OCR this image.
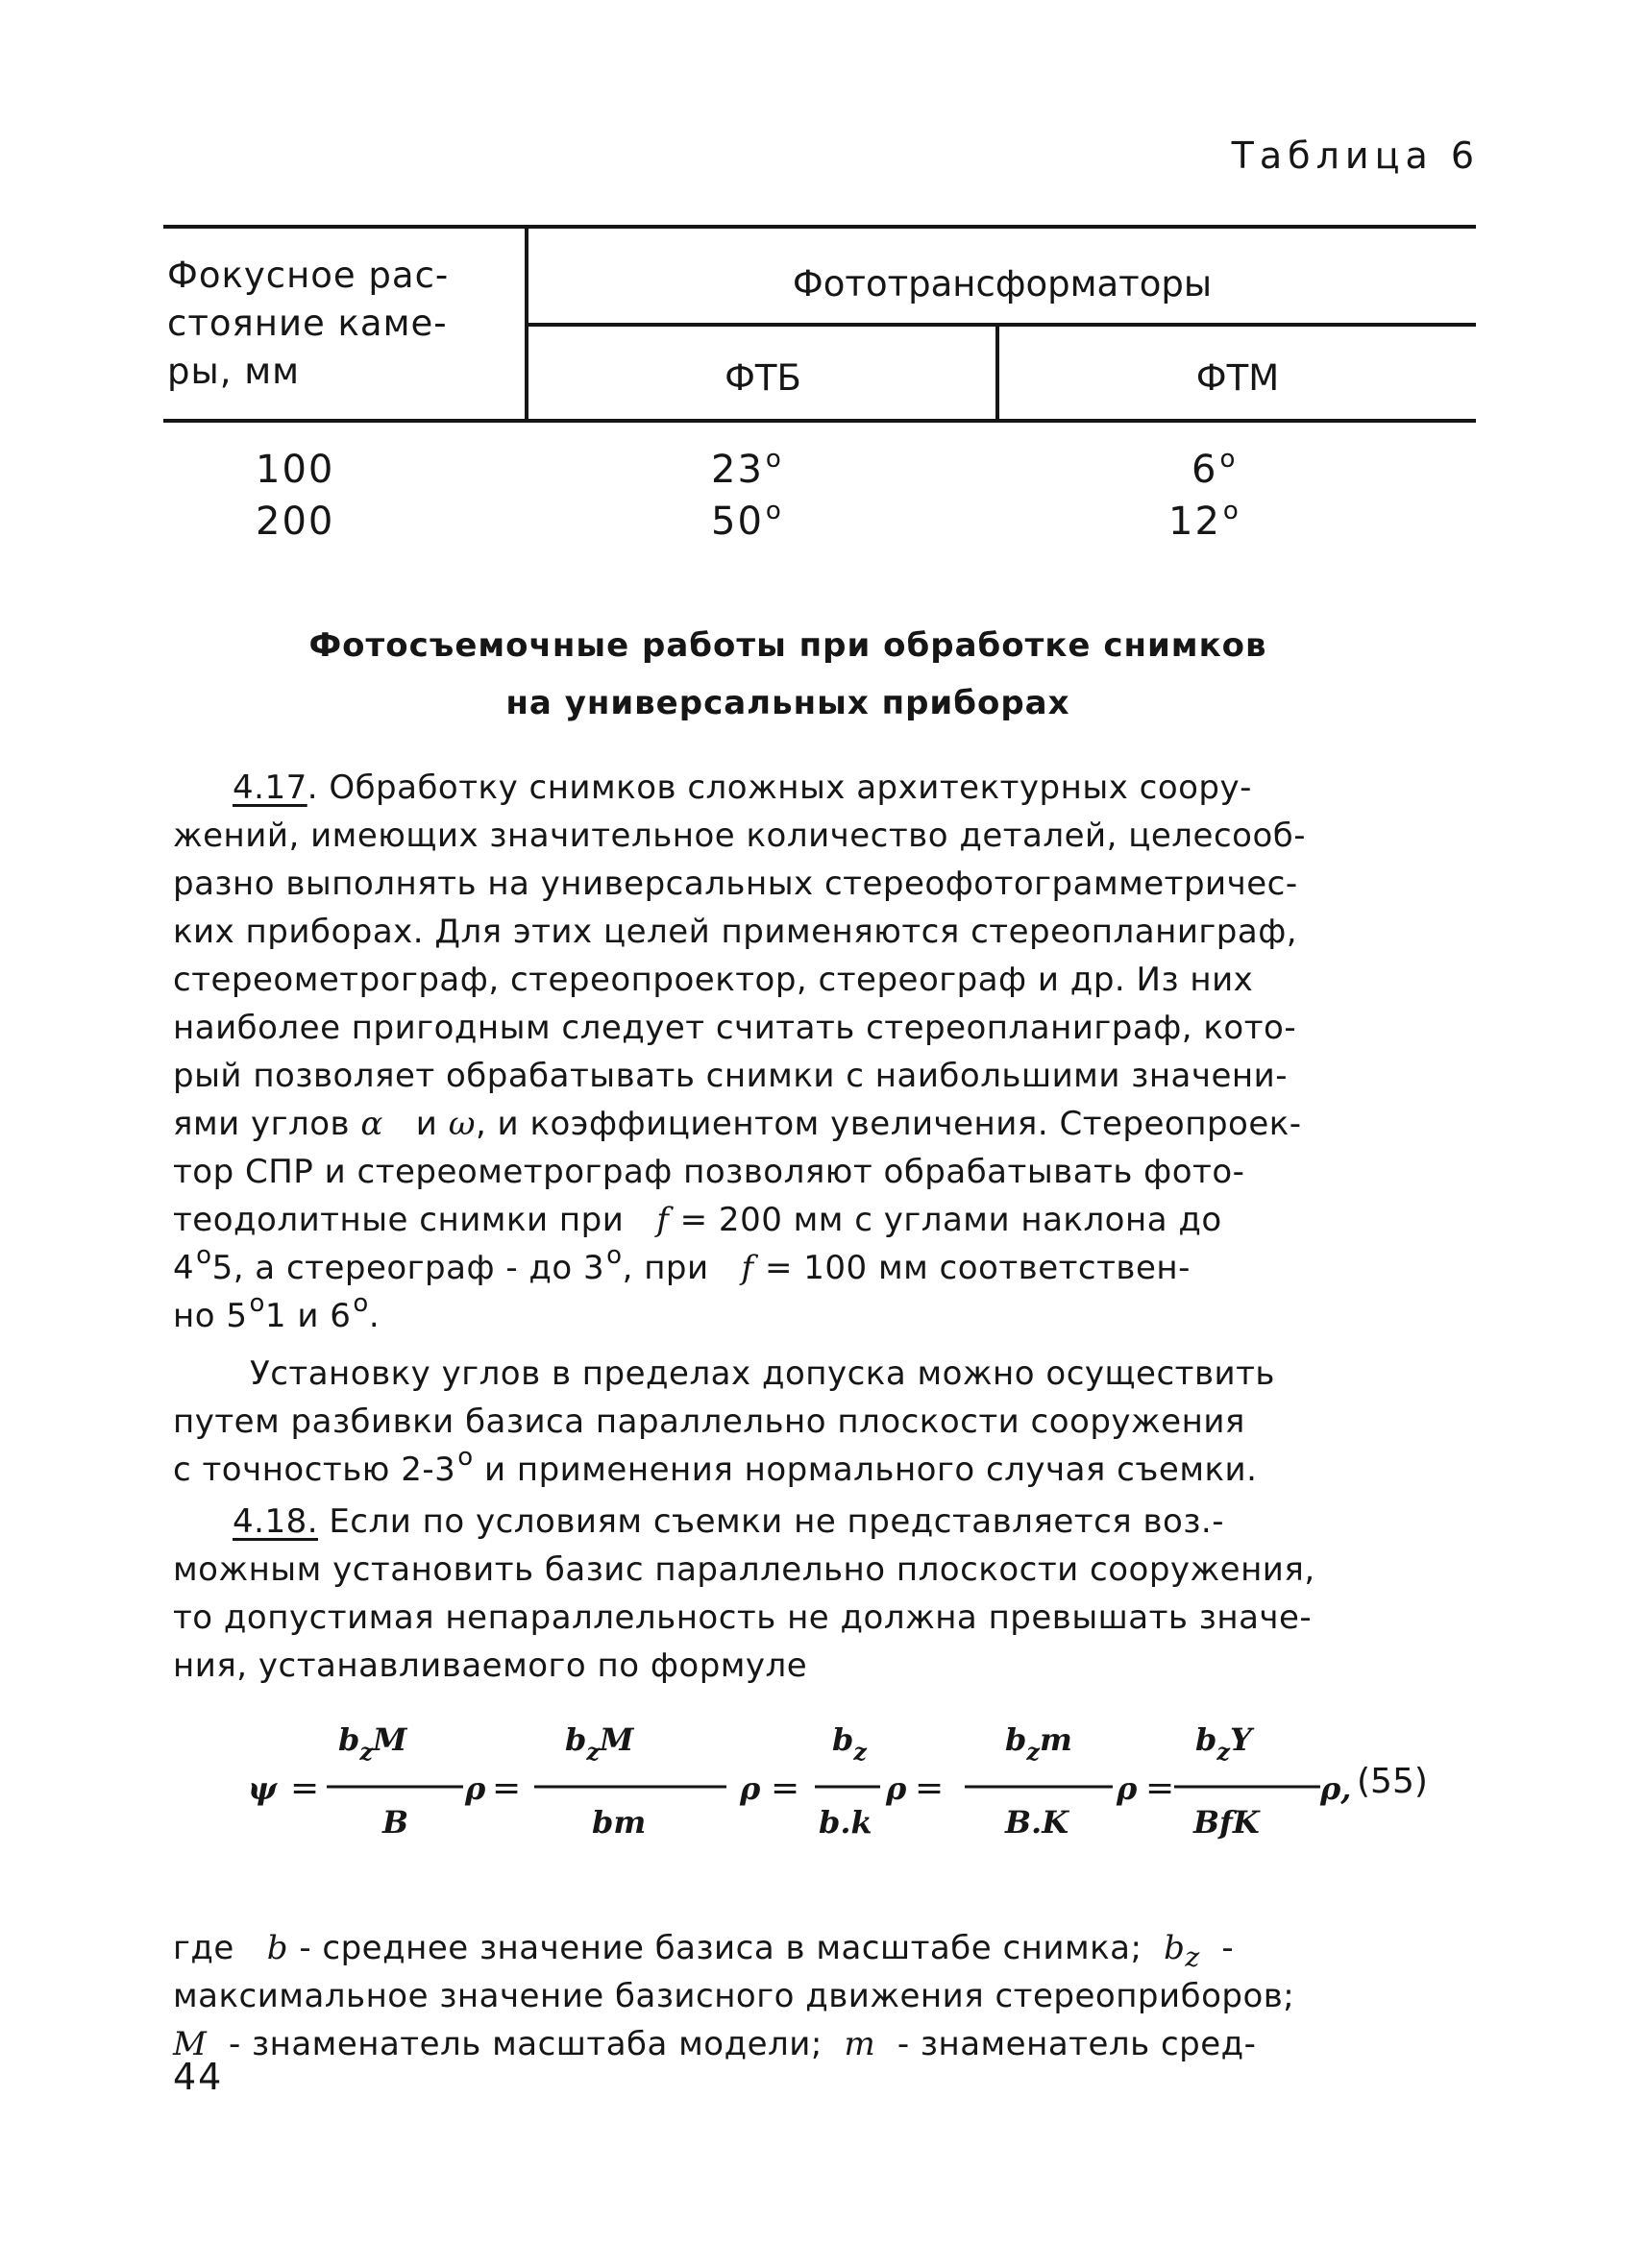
Таблица 6
Фокусное рас-
стояние каме-
ры, мм
Фототрансформаторы
ФТБ	ФТМ
100	$23^о$	$6^о$
200	$50^о$	$12^о$
Фотосъемочные работы при обработке снимков
на универсальных приборах
4.17. Обработку снимков сложных архитектурных соору-
жений, имеющих значительное количество деталей, целесооб-
разно выполнять на универсальных стереофотограмметричес-
ких приборах. Для этих целей применяются стереопланиграф,
стереометрограф, стереопроектор, стереограф и др. Из них
наиболее пригодным следует считать стереопланиграф, кото-
рый позволяет обрабатывать снимки с наибольшими значени-
ями углов α и ω, и коэффициентом увеличения. Стереопроек-
тор СПР и стереометрограф позволяют обрабатывать фото-
теодолитные снимки при f = 200 мм с углами наклона до
$4^о5$, а стереограф - до $3^о$, при f = 100 мм соответствен-
но $5^о1$ и $6^о$.
Установку углов в пределах допуска можно осуществить
путем разбивки базиса параллельно плоскости сооружения
с точностью $2-3^о$ и применения нормального случая съемки.
4.18. Если по условиям съемки не представляется воз.-
можным установить базис параллельно плоскости сооружения,
то допустимая непараллельность не должна превышать значе-
ния, устанавливаемого по формуле
где b - среднее значение базиса в масштабе снимка; $b_z$ -
максимальное значение базисного движения стереоприборов;
M - знаменатель масштаба модели; m - знаменатель сред-
ψ =
$b_zM$
B
ρ =
$b_zM$
bm
ρ =
$b_z$
b.k
ρ =
$b_zm$
B.K
ρ =
$b_zY$
BfK
ρ, (55)
44
